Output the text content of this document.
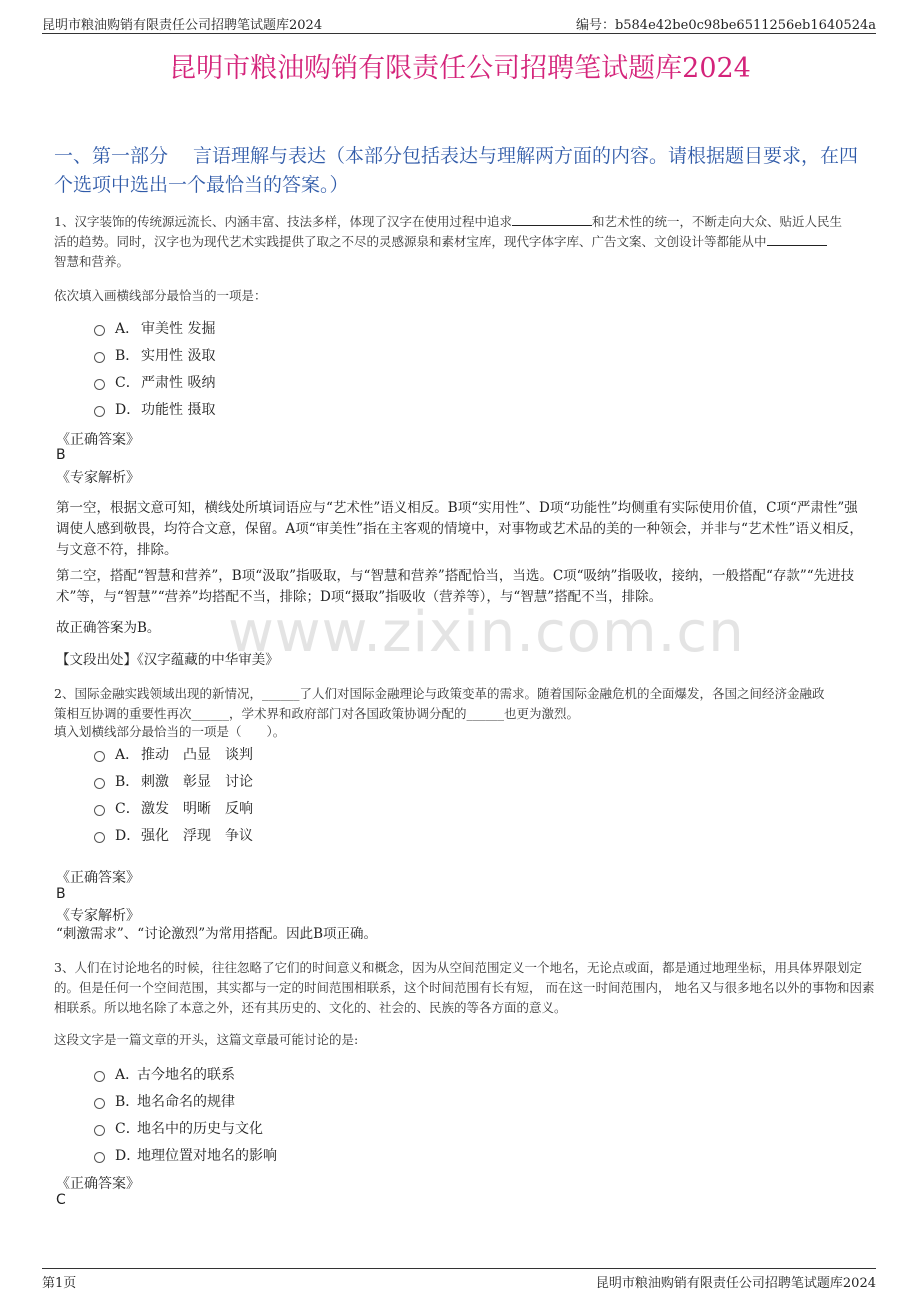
昆明市粮油购销有限责任公司招聘笔试题库2024	编号：b584e42be0c98be6511256eb1640524a
www.zixin.com.cn
昆明市粮油购销有限责任公司招聘笔试题库2024
一、第一部分　 言语理解与表达（本部分包括表达与理解两方面的内容。请根据题目要求，在四个选项中选出一个最恰当的答案。）
1、汉字装饰的传统源远流长、内涵丰富、技法多样，体现了汉字在使用过程中追求	和艺术性的统一，不断走向大众、贴近人民生
活的趋势。同时，汉字也为现代艺术实践提供了取之不尽的灵感源泉和素材宝库，现代字体字库、广告文案、文创设计等都能从中
智慧和营养。
依次填入画横线部分最恰当的一项是：
A． 审美性 发掘
B． 实用性 汲取
C． 严肃性 吸纳
D． 功能性 摄取
《正确答案》
B
《专家解析》
第一空，根据文意可知，横线处所填词语应与“艺术性”语义相反。B项“实用性”、D项“功能性”均侧重有实际使用价值，C项“严肃性”强调使人感到敬畏，均符合文意，保留。A项“审美性”指在主客观的情境中，对事物或艺术品的美的一种领会，并非与“艺术性”语义相反，与文意不符，排除。
第二空，搭配“智慧和营养”，B项“汲取”指吸取，与“智慧和营养”搭配恰当，当选。C项“吸纳”指吸收，接纳，一般搭配“存款”“先进技术”等，与“智慧”“营养”均搭配不当，排除；D项“摄取”指吸收（营养等），与“智慧”搭配不当，排除。
故正确答案为B。
【文段出处】《汉字蕴藏的中华审美》
2、国际金融实践领域出现的新情况，______了人们对国际金融理论与政策变革的需求。随着国际金融危机的全面爆发，各国之间经济金融政
策相互协调的重要性再次______，学术界和政府部门对各国政策协调分配的______也更为激烈。
填入划横线部分最恰当的一项是（　　）。
A． 推动　凸显　谈判
B． 刺激　彰显　讨论
C． 激发　明晰　反响
D． 强化　浮现　争议
《正确答案》
B
《专家解析》
“刺激需求”、“讨论激烈”为常用搭配。因此B项正确。
3、人们在讨论地名的时候，往往忽略了它们的时间意义和概念，因为从空间范围定义一个地名，无论点或面，都是通过地理坐标，用具体界限划定的。但是任何一个空间范围，其实都与一定的时间范围相联系，这个时间范围有长有短， 而在这一时间范围内， 地名又与很多地名以外的事物和因素相联系。所以地名除了本意之外，还有其历史的、文化的、社会的、民族的等各方面的意义。
这段文字是一篇文章的开头，这篇文章最可能讨论的是:
A．
古今地名的联系
B．
地名命名的规律
C．
地名中的历史与文化
D．
地理位置对地名的影响
《正确答案》
C
第1页	昆明市粮油购销有限责任公司招聘笔试题库2024
